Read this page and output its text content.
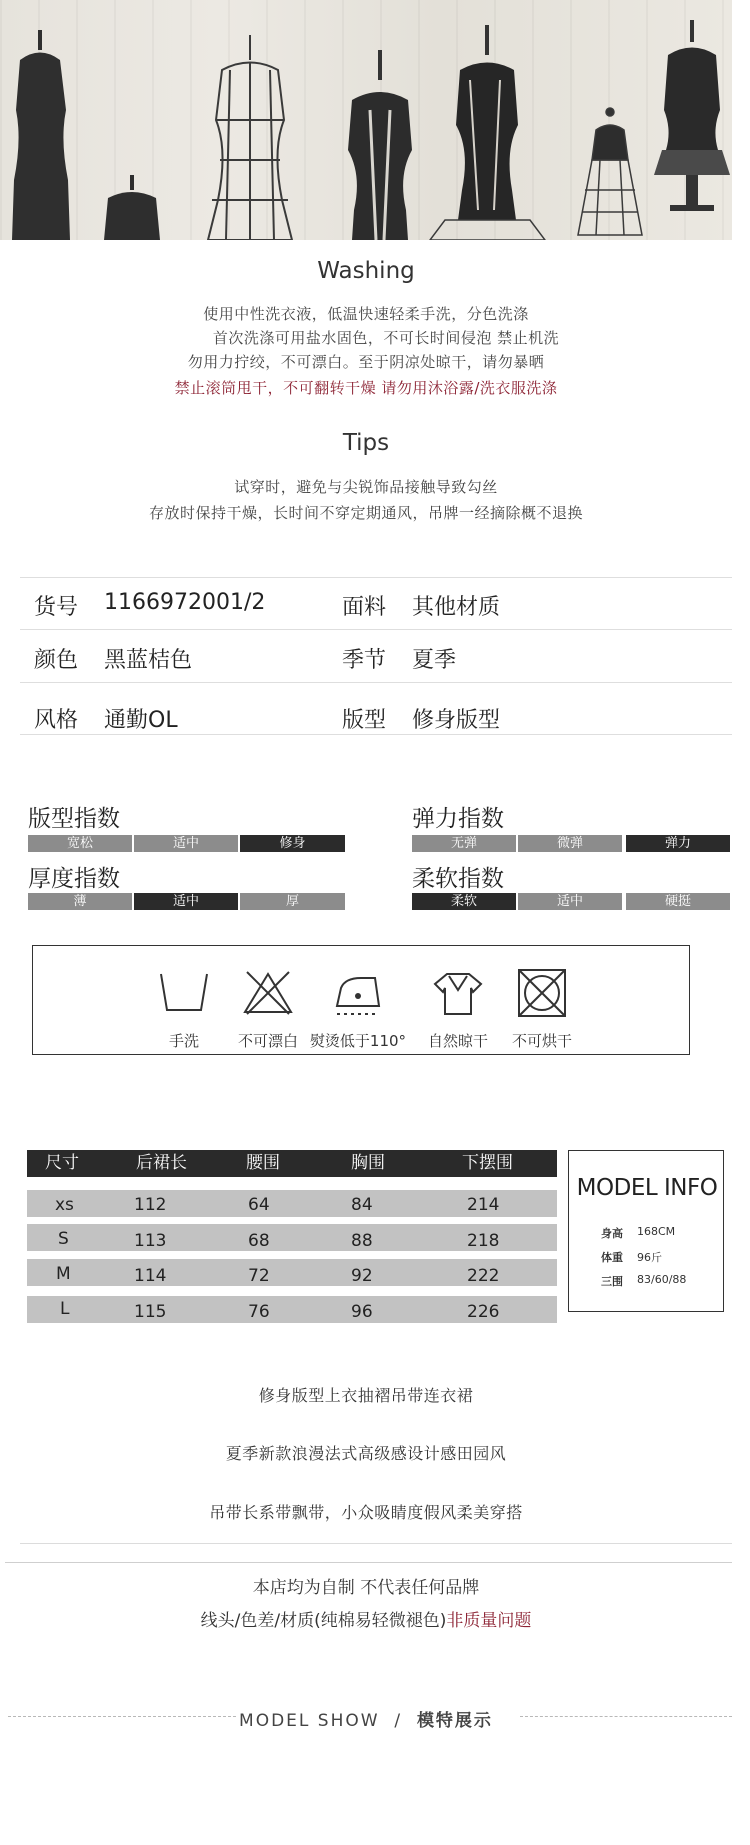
Washing
使用中性洗衣液，低温快速轻柔手洗，分色洗涤
首次洗涤可用盐水固色，不可长时间侵泡 禁止机洗
勿用力拧绞，不可漂白。至于阴凉处晾干，请勿暴晒
禁止滚筒甩干，不可翻转干燥 请勿用沐浴露/洗衣服洗涤
Tips
试穿时，避免与尖锐饰品接触导致勾丝
存放时保持干燥，长时间不穿定期通风，吊牌一经摘除概不退换
货号 1166972001/2	面料 其他材质
颜色 黑蓝桔色	季节 夏季
风格 通勤OL	版型 修身版型
版型指数
宽松	适中	修身
弹力指数
无弹	微弹	弹力
厚度指数
薄	适中	厚
柔软指数
柔软	适中	硬挺
手洗	不可漂白 熨烫低于110°	自然晾干	不可烘干
尺寸	后裙长	腰围	胸围	下摆围
xs	112	64	84	214
S	113	68	88	218
M	114	72	92	222
L	115	76	96	226
MODEL INFO
身高 168CM
体重 96斤
三围 83/60/88
修身版型上衣抽褶吊带连衣裙
夏季新款浪漫法式高级感设计感田园风
吊带长系带飘带，小众吸睛度假风柔美穿搭
本店均为自制 不代表任何品牌
线头/色差/材质(纯棉易轻微褪色)非质量问题
MODEL SHOW / 模特展示
